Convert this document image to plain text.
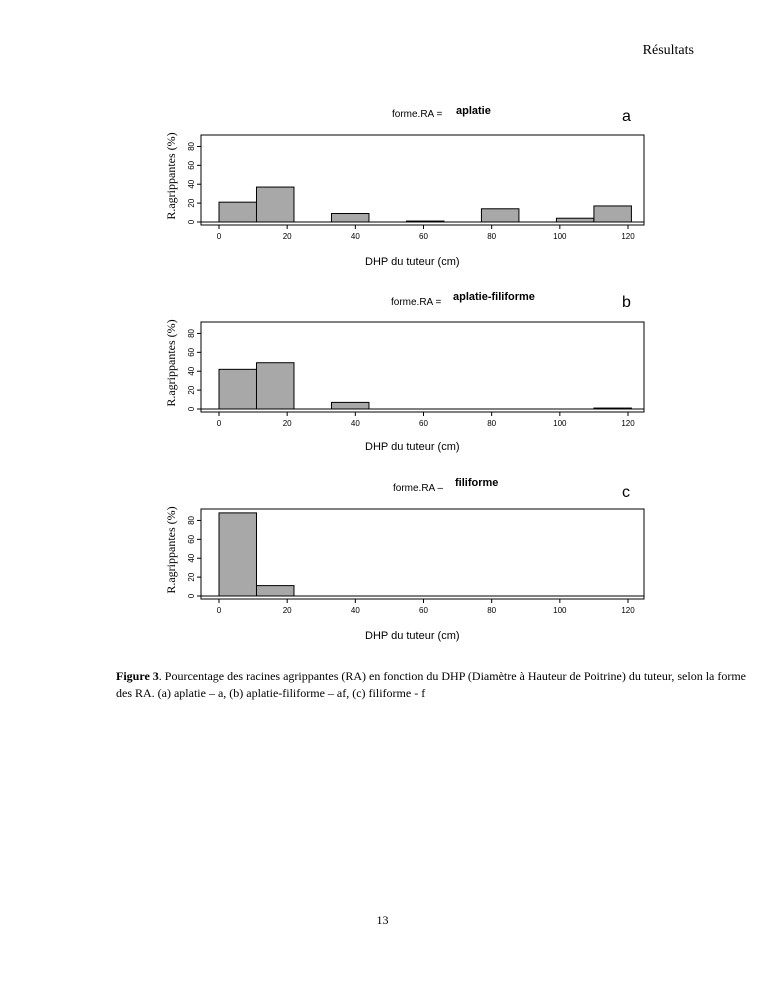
Résultats
forme.RA = aplatie	a
0	20	40	60	80	100	120
0
20
40
60
80
R.agrippantes (%)
DHP du tuteur (cm)
forme.RA = aplatie-filiforme	b
0	20	40	60	80	100	120
0
20
40
60
80
R.agrippantes (%)
DHP du tuteur (cm)
forme.RA – filiforme
c
0	20	40	60	80	100	120
0
20
40
60
80
R.agrippantes (%)
DHP du tuteur (cm)
Figure 3. Pourcentage des racines agrippantes (RA) en fonction du DHP (Diamètre à Hauteur de Poitrine) du tuteur, selon la forme des RA. (a) aplatie – a, (b) aplatie-filiforme – af, (c) filiforme - f
13
